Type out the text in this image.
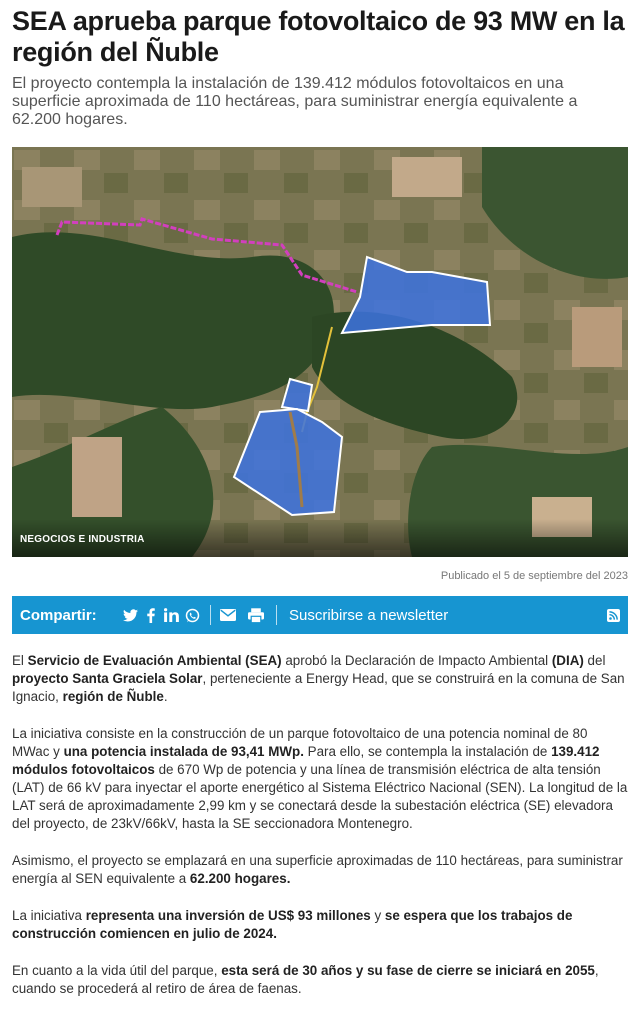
SEA aprueba parque fotovoltaico de 93 MW en la región del Ñuble
El proyecto contempla la instalación de 139.412 módulos fotovoltaicos en una superficie aproximada de 110 hectáreas, para suministrar energía equivalente a 62.200 hogares.
NEGOCIOS E INDUSTRIA
Publicado el 5 de septiembre del 2023
Compartir:	Suscribirse a newsletter

El Servicio de Evaluación Ambiental (SEA) aprobó la Declaración de Impacto Ambiental (DIA) del proyecto Santa Graciela Solar, perteneciente a Energy Head, que se construirá en la comuna de San Ignacio, región de Ñuble.

La iniciativa consiste en la construcción de un parque fotovoltaico de una potencia nominal de 80 MWac y una potencia instalada de 93,41 MWp. Para ello, se contempla la instalación de 139.412 módulos fotovoltaicos de 670 Wp de potencia y una línea de transmisión eléctrica de alta tensión (LAT) de 66 kV para inyectar el aporte energético al Sistema Eléctrico Nacional (SEN). La longitud de la LAT será de aproximadamente 2,99 km y se conectará desde la subestación eléctrica (SE) elevadora del proyecto, de 23kV/66kV, hasta la SE seccionadora Montenegro.

Asimismo, el proyecto se emplazará en una superficie aproximadas de 110 hectáreas, para suministrar energía al SEN equivalente a 62.200 hogares.

La iniciativa representa una inversión de US$ 93 millones y se espera que los trabajos de construcción comiencen en julio de 2024.

En cuanto a la vida útil del parque, esta será de 30 años y su fase de cierre se iniciará en 2055, cuando se procederá al retiro de área de faenas.
